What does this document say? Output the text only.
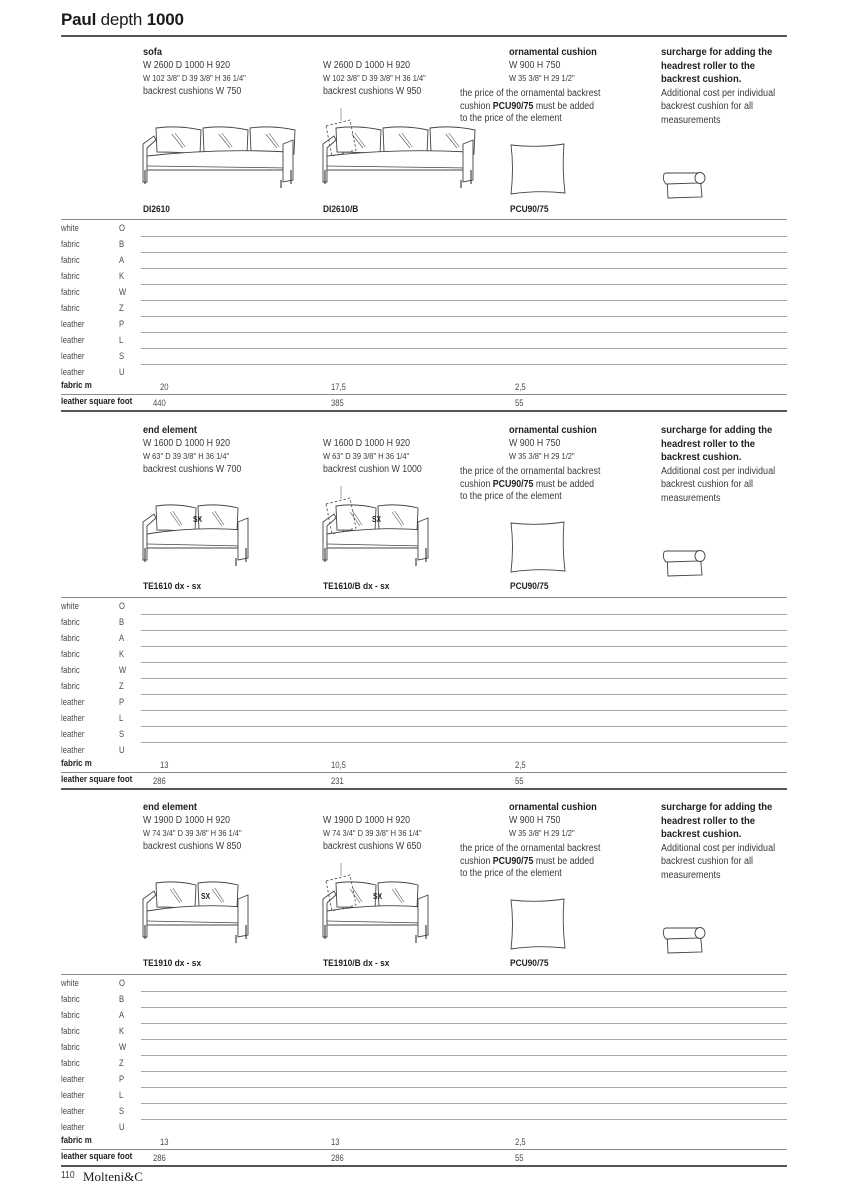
Paul depth 1000
sofa
W 2600 D 1000 H 920
W 102 3/8" D 39 3/8" H 36 1/4"
backrest cushions W 750
W 2600 D 1000 H 920
W 102 3/8" D 39 3/8" H 36 1/4"
backrest cushions W 950
ornamental cushion
W 900 H 750
W 35 3/8" H 29 1/2"
the price of the ornamental backrest
cushion PCU90/75 must be added
to the price of the element
surcharge for adding the
headrest roller to the
backrest cushion.
Additional cost per individual
backrest cushion for all
measurements
DI2610	DI2610/B	PCU90/75
white	O
fabric	B
fabric	A
fabric	K
fabric	W
fabric	Z
leather	P
leather	L
leather	S
leather	U
fabric m	20	17,5	2,5
leather square foot 440	385	55
end element
W 1600 D 1000 H 920
W 63" D 39 3/8" H 36 1/4"
backrest cushions W 700
W 1600 D 1000 H 920
W 63" D 39 3/8" H 36 1/4"
backrest cushion W 1000
ornamental cushion
W 900 H 750
W 35 3/8" H 29 1/2"
the price of the ornamental backrest
cushion PCU90/75 must be added
to the price of the element
surcharge for adding the
headrest roller to the
backrest cushion.
Additional cost per individual
backrest cushion for all
measurements
SX	SX
TE1610 dx - sx	TE1610/B dx - sx	PCU90/75
white	O
fabric	B
fabric	A
fabric	K
fabric	W
fabric	Z
leather	P
leather	L
leather	S
leather	U
fabric m	13	10,5	2,5
leather square foot 286	231	55
end element
W 1900 D 1000 H 920
W 74 3/4" D 39 3/8" H 36 1/4"
backrest cushions W 850
W 1900 D 1000 H 920
W 74 3/4" D 39 3/8" H 36 1/4"
backrest cushions W 650
ornamental cushion
W 900 H 750
W 35 3/8" H 29 1/2"
the price of the ornamental backrest
cushion PCU90/75 must be added
to the price of the element
surcharge for adding the
headrest roller to the
backrest cushion.
Additional cost per individual
backrest cushion for all
measurements
SX	SX
TE1910 dx - sx	TE1910/B dx - sx	PCU90/75
white	O
fabric	B
fabric	A
fabric	K
fabric	W
fabric	Z
leather	P
leather	L
leather	S
leather	U
fabric m	13	13	2,5
leather square foot 286	286	55
110 Molteni&C
